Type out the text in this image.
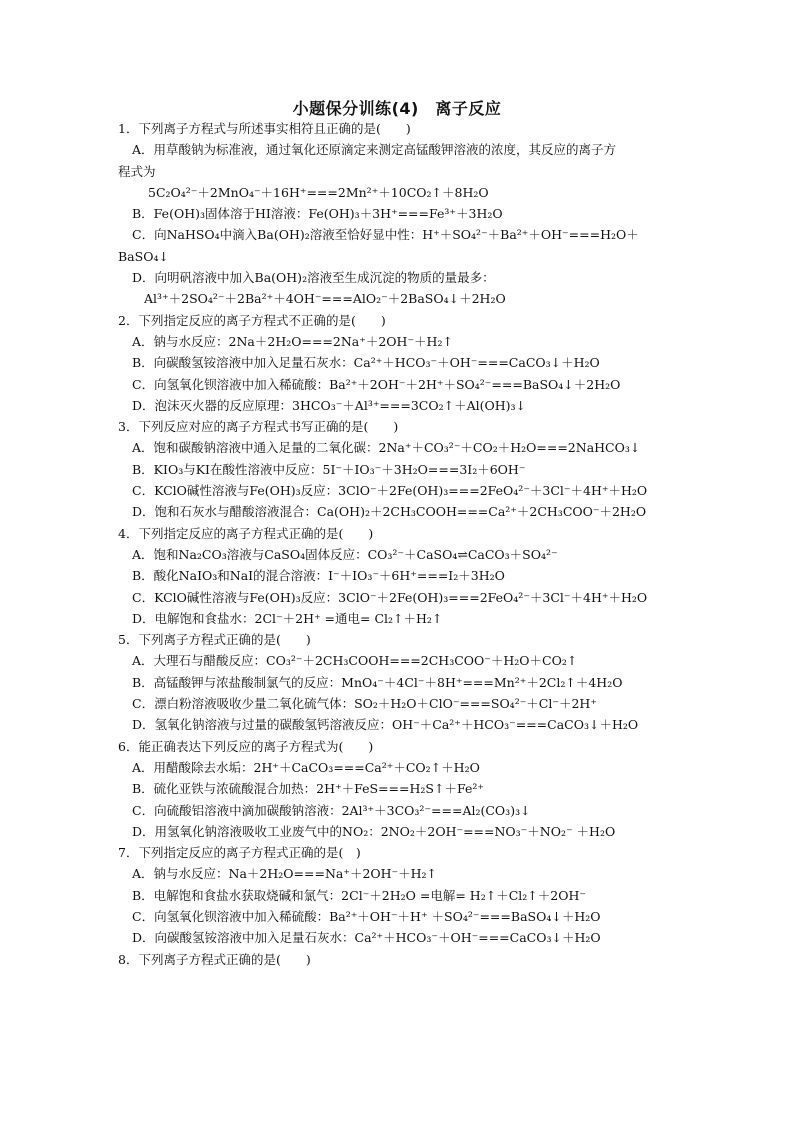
小题保分训练(4)　离子反应
1．下列离子方程式与所述事实相符且正确的是(　　)
A．用草酸钠为标准液，通过氧化还原滴定来测定高锰酸钾溶液的浓度，其反应的离子方
程式为
5C₂O₄²⁻＋2MnO₄⁻＋16H⁺===2Mn²⁺＋10CO₂↑＋8H₂O
B．Fe(OH)₃固体溶于HI溶液：Fe(OH)₃＋3H⁺===Fe³⁺＋3H₂O
C．向NaHSO₄中滴入Ba(OH)₂溶液至恰好显中性：H⁺＋SO₄²⁻＋Ba²⁺＋OH⁻===H₂O＋
BaSO₄↓
D．向明矾溶液中加入Ba(OH)₂溶液至生成沉淀的物质的量最多：
Al³⁺＋2SO₄²⁻＋2Ba²⁺＋4OH⁻===AlO₂⁻＋2BaSO₄↓＋2H₂O
2．下列指定反应的离子方程式不正确的是(　　)
A．钠与水反应：2Na＋2H₂O===2Na⁺＋2OH⁻＋H₂↑
B．向碳酸氢铵溶液中加入足量石灰水：Ca²⁺＋HCO₃⁻＋OH⁻===CaCO₃↓＋H₂O
C．向氢氧化钡溶液中加入稀硫酸：Ba²⁺＋2OH⁻＋2H⁺＋SO₄²⁻===BaSO₄↓＋2H₂O
D．泡沫灭火器的反应原理：3HCO₃⁻＋Al³⁺===3CO₂↑＋Al(OH)₃↓
3．下列反应对应的离子方程式书写正确的是(　　)
A．饱和碳酸钠溶液中通入足量的二氧化碳：2Na⁺＋CO₃²⁻＋CO₂＋H₂O===2NaHCO₃↓
B．KIO₃与KI在酸性溶液中反应：5I⁻＋IO₃⁻＋3H₂O===3I₂＋6OH⁻
C．KClO碱性溶液与Fe(OH)₃反应：3ClO⁻＋2Fe(OH)₃===2FeO₄²⁻＋3Cl⁻＋4H⁺＋H₂O
D．饱和石灰水与醋酸溶液混合：Ca(OH)₂＋2CH₃COOH===Ca²⁺＋2CH₃COO⁻＋2H₂O
4．下列指定反应的离子方程式正确的是(　　)
A．饱和Na₂CO₃溶液与CaSO₄固体反应：CO₃²⁻＋CaSO₄⇌CaCO₃＋SO₄²⁻
B．酸化NaIO₃和NaI的混合溶液：I⁻＋IO₃⁻＋6H⁺===I₂＋3H₂O
C．KClO碱性溶液与Fe(OH)₃反应：3ClO⁻＋2Fe(OH)₃===2FeO₄²⁻＋3Cl⁻＋4H⁺＋H₂O
D．电解饱和食盐水：2Cl⁻＋2H⁺ =通电= Cl₂↑＋H₂↑
5．下列离子方程式正确的是(　　)
A．大理石与醋酸反应：CO₃²⁻＋2CH₃COOH===2CH₃COO⁻＋H₂O＋CO₂↑
B．高锰酸钾与浓盐酸制氯气的反应：MnO₄⁻＋4Cl⁻＋8H⁺===Mn²⁺＋2Cl₂↑＋4H₂O
C．漂白粉溶液吸收少量二氧化硫气体：SO₂＋H₂O＋ClO⁻===SO₄²⁻＋Cl⁻＋2H⁺
D．氢氧化钠溶液与过量的碳酸氢钙溶液反应：OH⁻＋Ca²⁺＋HCO₃⁻===CaCO₃↓＋H₂O
6．能正确表达下列反应的离子方程式为(　　)
A．用醋酸除去水垢：2H⁺＋CaCO₃===Ca²⁺＋CO₂↑＋H₂O
B．硫化亚铁与浓硫酸混合加热：2H⁺＋FeS===H₂S↑＋Fe²⁺
C．向硫酸铝溶液中滴加碳酸钠溶液：2Al³⁺＋3CO₃²⁻===Al₂(CO₃)₃↓
D．用氢氧化钠溶液吸收工业废气中的NO₂：2NO₂＋2OH⁻===NO₃⁻＋NO₂⁻ ＋H₂O
7．下列指定反应的离子方程式正确的是(　)
A．钠与水反应：Na＋2H₂O===Na⁺＋2OH⁻＋H₂↑
B．电解饱和食盐水获取烧碱和氯气：2Cl⁻＋2H₂O =电解= H₂↑＋Cl₂↑＋2OH⁻
C．向氢氧化钡溶液中加入稀硫酸：Ba²⁺＋OH⁻＋H⁺ ＋SO₄²⁻===BaSO₄↓＋H₂O
D．向碳酸氢铵溶液中加入足量石灰水：Ca²⁺＋HCO₃⁻＋OH⁻===CaCO₃↓＋H₂O
8．下列离子方程式正确的是(　　)
